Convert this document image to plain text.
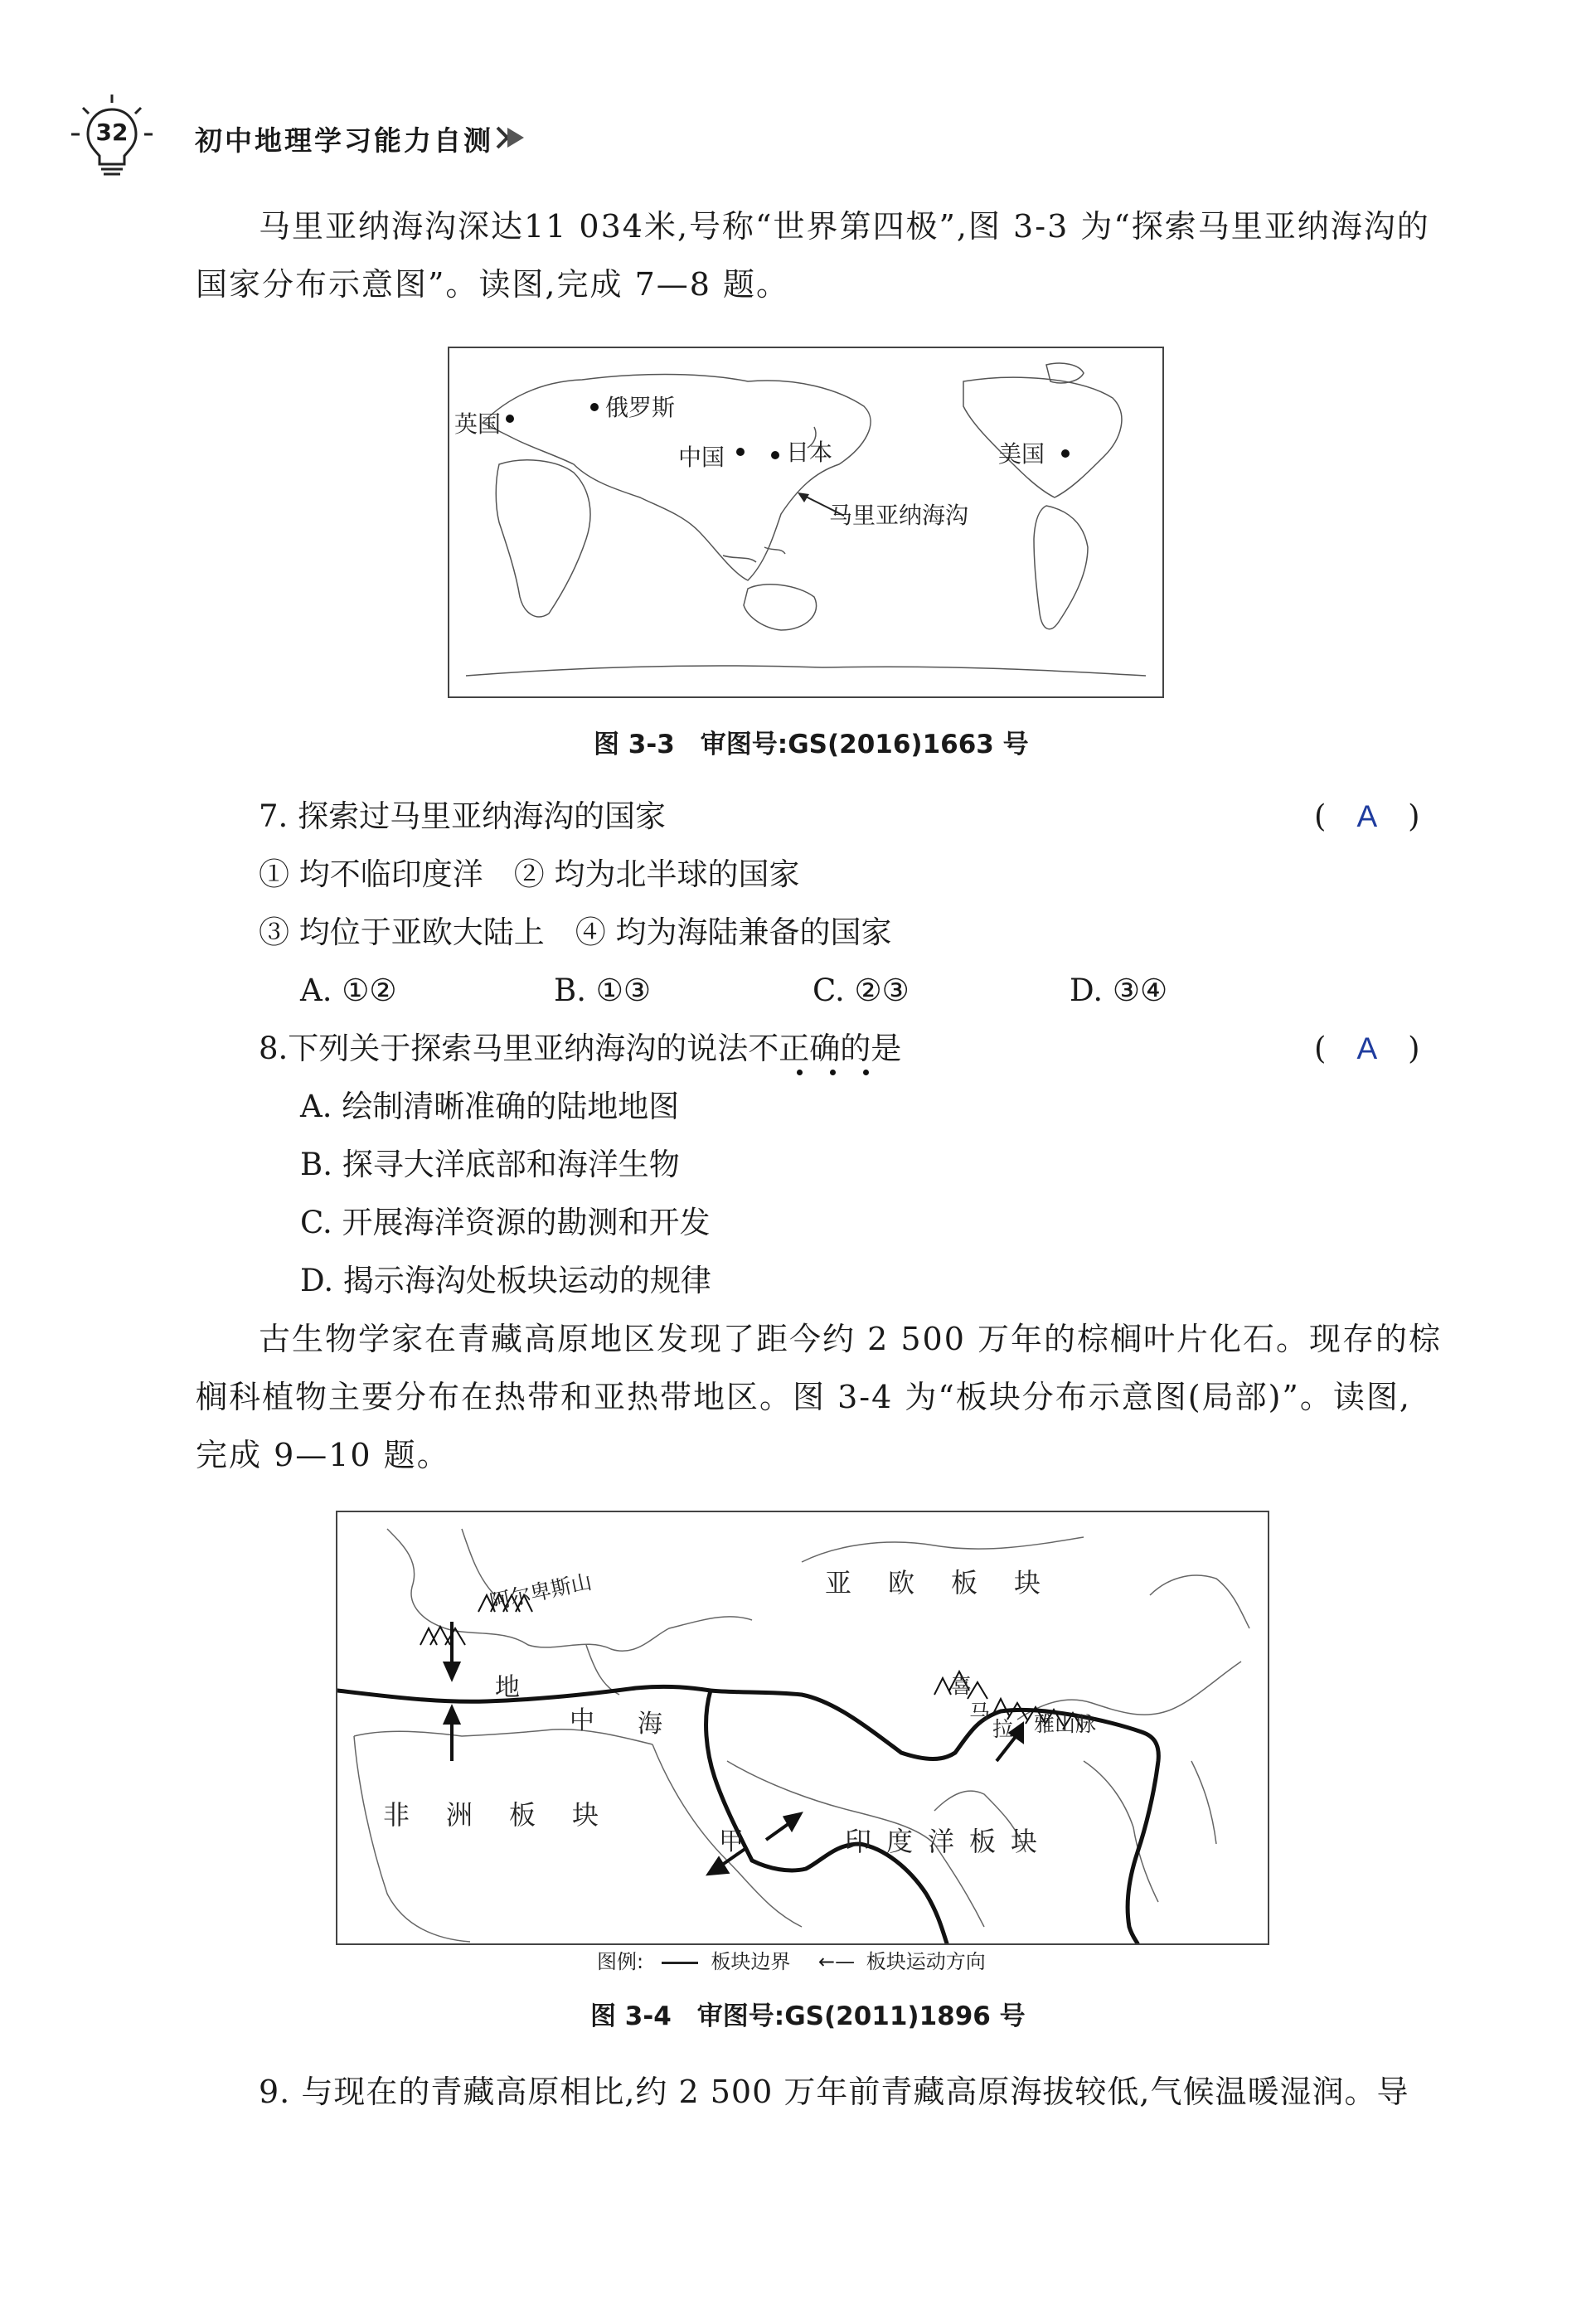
32 初中地理学习能力自测
马里亚纳海沟深达11 034米,号称“世界第四极”,图 3-3 为“探索马里亚纳海沟的
国家分布示意图”。读图,完成 7—8 题。
英国
俄罗斯
中国	日本	美国
马里亚纳海沟
图 3-3　审图号:GS(2016)1663 号
7. 探索过马里亚纳海沟的国家	(　A　)
① 均不临印度洋　② 均为北半球的国家
③ 均位于亚欧大陆上　④ 均为海陆兼备的国家
A. ①②	B. ①③	C. ②③	D. ③④
8.下列关于探索马里亚纳海沟的说法不正确的是	(　A　)
A. 绘制清晰准确的陆地地图
B. 探寻大洋底部和海洋生物
C. 开展海洋资源的勘测和开发
D. 揭示海沟处板块运动的规律
古生物学家在青藏高原地区发现了距今约 2 500 万年的棕榈叶片化石。现存的棕
榈科植物主要分布在热带和亚热带地区。图 3-4 为“板块分布示意图(局部)”。读图,
完成 9—10 题。
亚欧板块
非洲板块
印度洋板块
阿尔卑斯山
地
中 海
喜
马
拉 雅山脉
甲
图例:	板块边界 ←— 板块运动方向
图 3-4　审图号:GS(2011)1896 号
9. 与现在的青藏高原相比,约 2 500 万年前青藏高原海拔较低,气候温暖湿润。导
